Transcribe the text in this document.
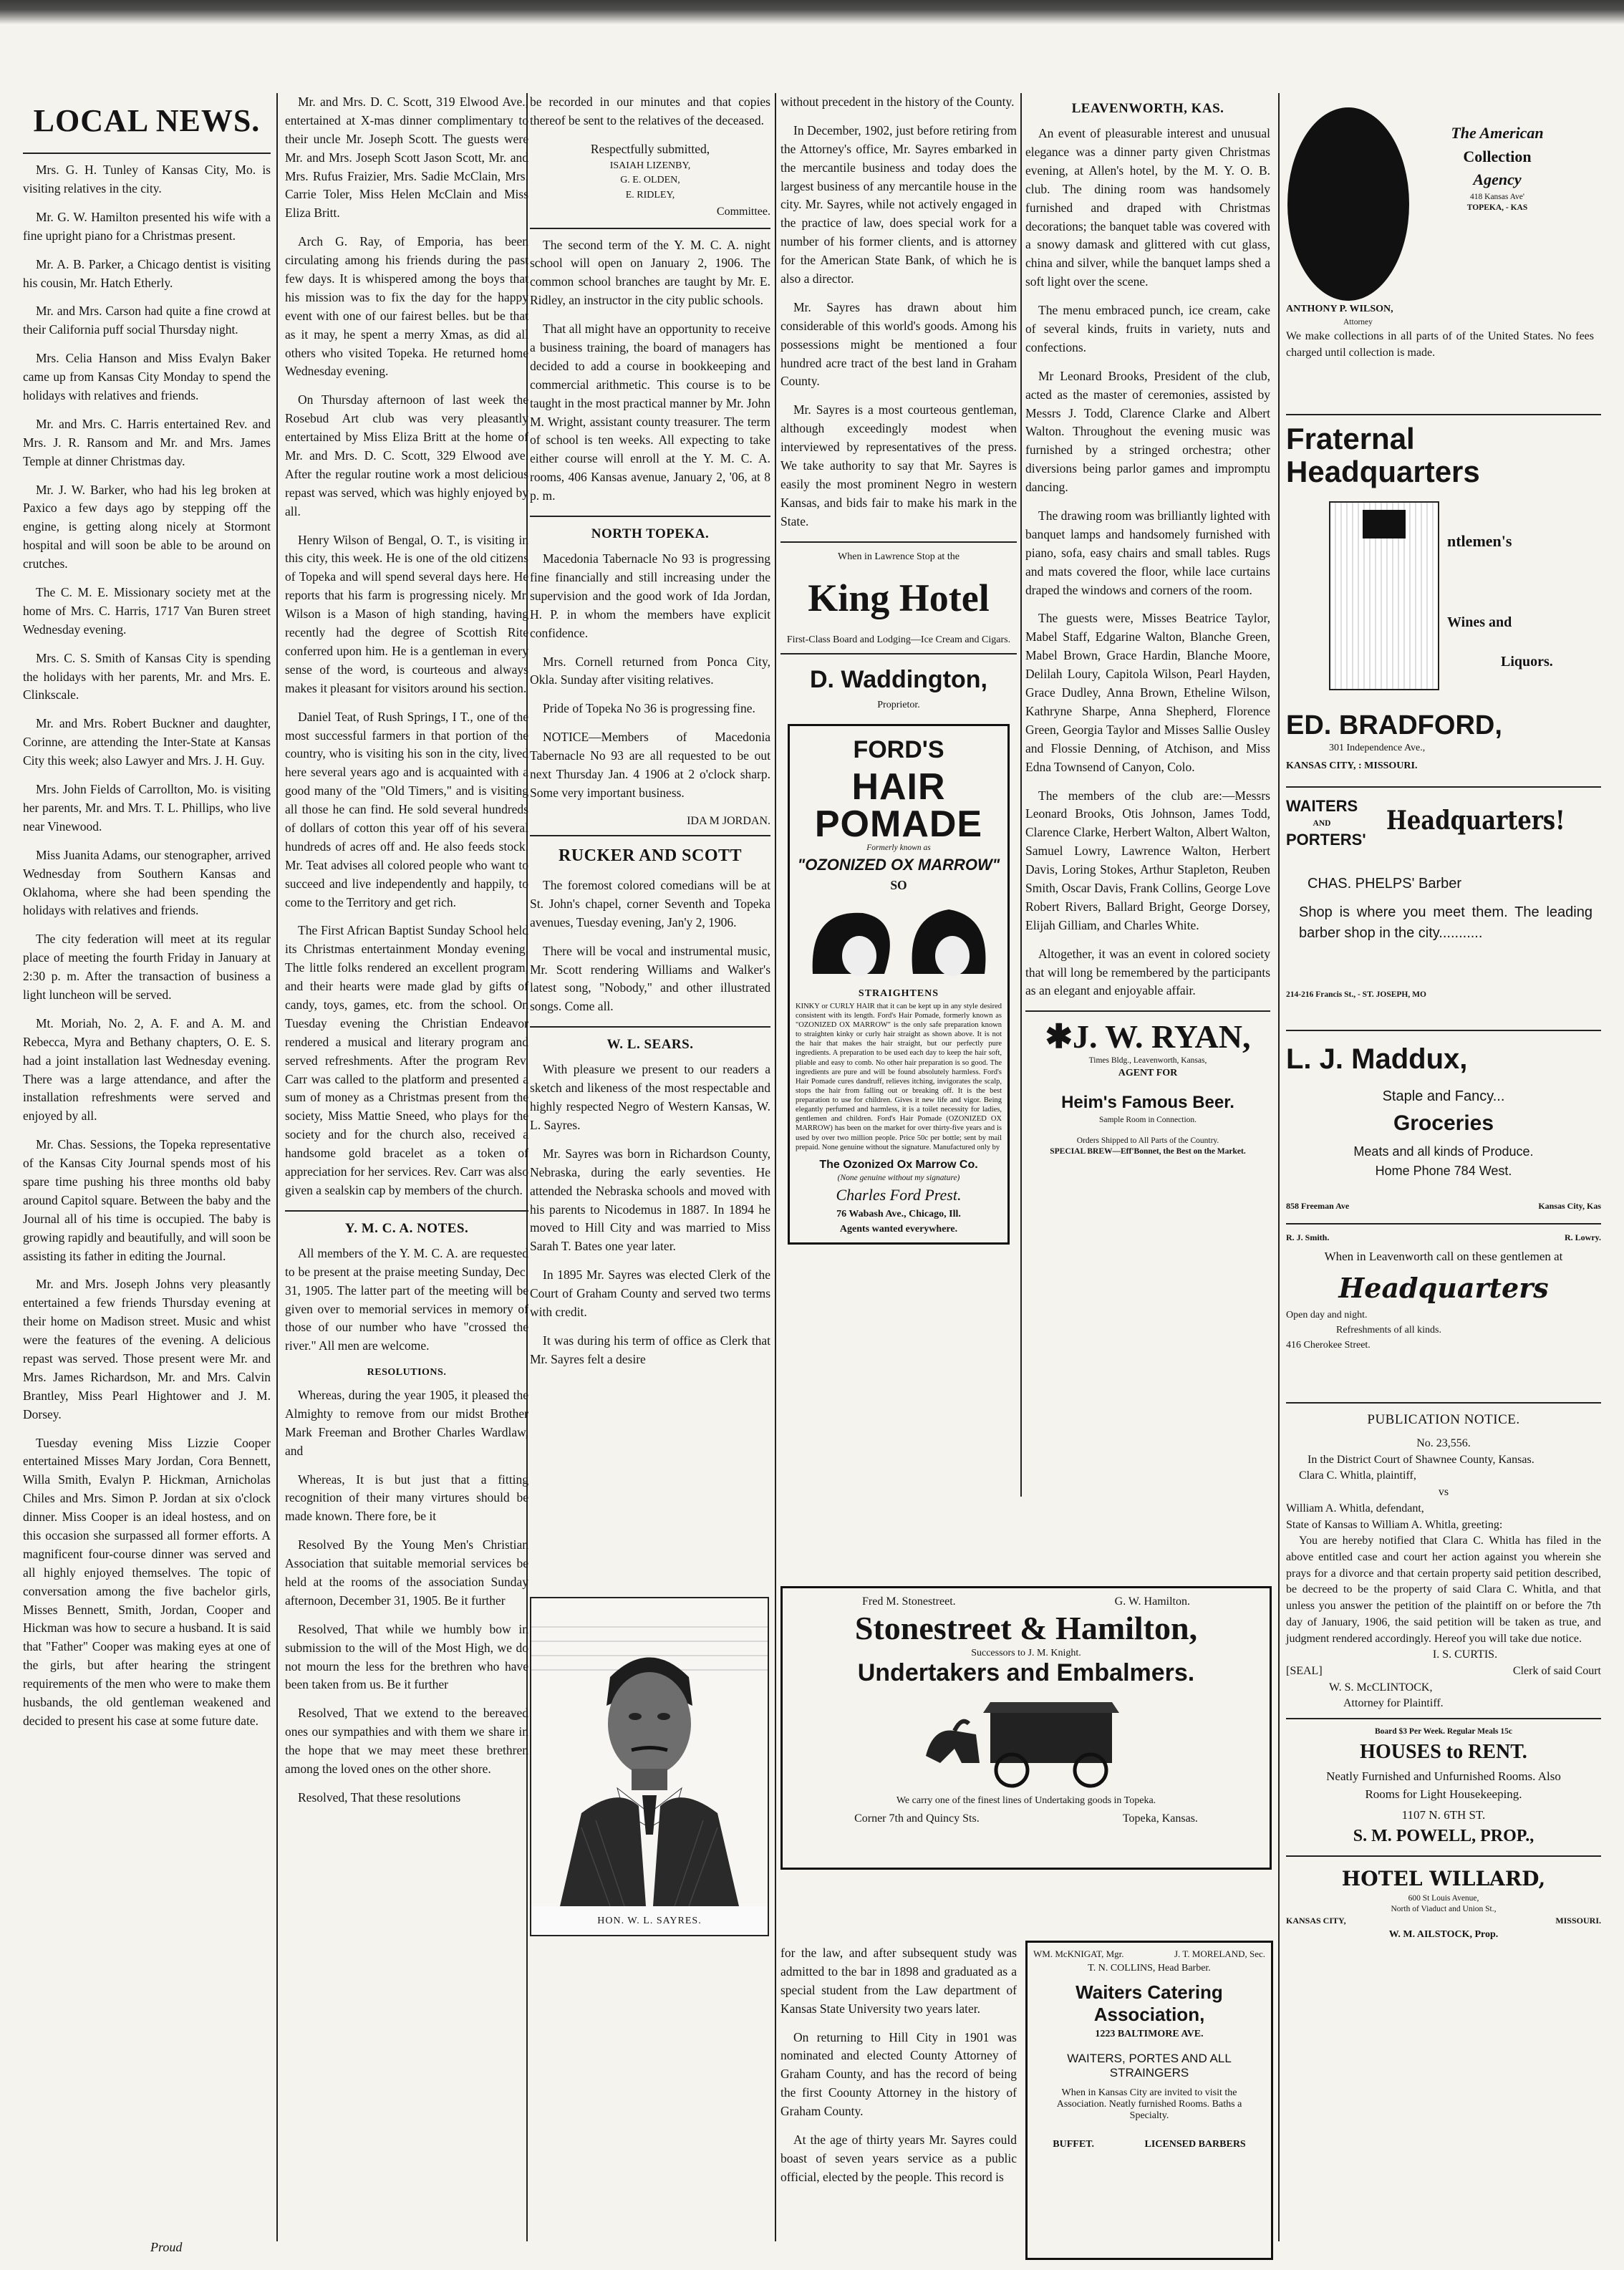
LOCAL NEWS.

Mrs. G. H. Tunley of Kansas City, Mo. is visiting relatives in the city.

Mr. G. W. Hamilton presented his wife with a fine upright piano for a Christmas present.

Mr. A. B. Parker, a Chicago dentist is visiting his cousin, Mr. Hatch Etherly.

Mr. and Mrs. Carson had quite a fine crowd at their California puff social Thursday night.

Mrs. Celia Hanson and Miss Evalyn Baker came up from Kansas City Monday to spend the holidays with relatives and friends.

Mr. and Mrs. C. Harris entertained Rev. and Mrs. J. R. Ransom and Mr. and Mrs. James Temple at dinner Christmas day.

Mr. J. W. Barker, who had his leg broken at Paxico a few days ago by stepping off the engine, is getting along nicely at Stormont hospital and will soon be able to be around on crutches.

The C. M. E. Missionary society met at the home of Mrs. C. Harris, 1717 Van Buren street Wednesday evening.

Mrs. C. S. Smith of Kansas City is spending the holidays with her parents, Mr. and Mrs. E. Clinkscale.

Mr. and Mrs. Robert Buckner and daughter, Corinne, are attending the Inter-State at Kansas City this week; also Lawyer and Mrs. J. H. Guy.

Mrs. John Fields of Carrollton, Mo. is visiting her parents, Mr. and Mrs. T. L. Phillips, who live near Vinewood.

Miss Juanita Adams, our stenographer, arrived Wednesday from Southern Kansas and Oklahoma, where she had been spending the holidays with relatives and friends.

The city federation will meet at its regular place of meeting the fourth Friday in January at 2:30 p. m. After the transaction of business a light luncheon will be served.

Mt. Moriah, No. 2, A. F. and A. M. and Rebecca, Myra and Bethany chapters, O. E. S. had a joint installation last Wednesday evening. There was a large attendance, and after the installation refreshments were served and enjoyed by all.

Mr. Chas. Sessions, the Topeka representative of the Kansas City Journal spends most of his spare time pushing his three months old baby around Capitol square. Between the baby and the Journal all of his time is occupied. The baby is growing rapidly and beautifully, and will soon be assisting its father in editing the Journal.

Mr. and Mrs. Joseph Johns very pleasantly entertained a few friends Thursday evening at their home on Madison street. Music and whist were the features of the evening. A delicious repast was served. Those present were Mr. and Mrs. James Richardson, Mr. and Mrs. Calvin Brantley, Miss Pearl Hightower and J. M. Dorsey.

Tuesday evening Miss Lizzie Cooper entertained Misses Mary Jordan, Cora Bennett, Willa Smith, Evalyn P. Hickman, Arnicholas Chiles and Mrs. Simon P. Jordan at six o'clock dinner. Miss Cooper is an ideal hostess, and on this occasion she surpassed all former efforts. A magnificent four-course dinner was served and all highly enjoyed themselves. The topic of conversation among the five bachelor girls, Misses Bennett, Smith, Jordan, Cooper and Hickman was how to secure a husband. It is said that "Father" Cooper was making eyes at one of the girls, but after hearing the stringent requirements of the men who were to make them husbands, the old gentleman weakened and decided to present his case at some future date.

Mr. and Mrs. D. C. Scott, 319 Elwood Ave., entertained at X-mas dinner complimentary to their uncle Mr. Joseph Scott. The guests were Mr. and Mrs. Joseph Scott Jason Scott, Mr. and Mrs. Rufus Fraizier, Mrs. Sadie McClain, Mrs. Carrie Toler, Miss Helen McClain and Miss Eliza Britt.

Arch G. Ray, of Emporia, has been circulating among his friends during the past few days. It is whispered among the boys that his mission was to fix the day for the happy event with one of our fairest belles. but be that as it may, he spent a merry Xmas, as did all others who visited Topeka. He returned home Wednesday evening.

On Thursday afternoon of last week the Rosebud Art club was very pleasantly entertained by Miss Eliza Britt at the home of Mr. and Mrs. D. C. Scott, 329 Elwood ave. After the regular routine work a most delicious repast was served, which was highly enjoyed by all.

Henry Wilson of Bengal, O. T., is visiting in this city, this week. He is one of the old citizens of Topeka and will spend several days here. He reports that his farm is progressing nicely. Mr. Wilson is a Mason of high standing, having recently had the degree of Scottish Rite conferred upon him. He is a gentleman in every sense of the word, is courteous and always makes it pleasant for visitors around his section.

Daniel Teat, of Rush Springs, I T., one of the most successful farmers in that portion of the country, who is visiting his son in the city, lived here several years ago and is acquainted with a good many of the "Old Timers," and is visiting all those he can find. He sold several hundreds of dollars of cotton this year off of his several hundreds of acres off and. He also feeds stock. Mr. Teat advises all colored people who want to succeed and live independently and happily, to come to the Territory and get rich.

The First African Baptist Sunday School held its Christmas entertainment Monday evening. The little folks rendered an excellent program, and their hearts were made glad by gifts of candy, toys, games, etc. from the school. On Tuesday evening the Christian Endeavor rendered a musical and literary program and served refreshments. After the program Rev. Carr was called to the platform and presented a sum of money as a Christmas present from the society, Miss Mattie Sneed, who plays for the society and for the church also, received a handsome gold bracelet as a token of appreciation for her services. Rev. Carr was also given a sealskin cap by members of the church.

Y. M. C. A. NOTES.

All members of the Y. M. C. A. are requested to be present at the praise meeting Sunday, Dec. 31, 1905. The latter part of the meeting will be given over to memorial services in memory of those of our number who have "crossed the river." All men are welcome.

RESOLUTIONS.

Whereas, during the year 1905, it pleased the Almighty to remove from our midst Brother Mark Freeman and Brother Charles Wardlaw, and

Whereas, It is but just that a fitting recognition of their many virtures should be made known. There fore, be it

Resolved By the Young Men's Christian Association that suitable memorial services be held at the rooms of the association Sunday afternoon, December 31, 1905. Be it further

Resolved, That while we humbly bow in submission to the will of the Most High, we do not mourn the less for the brethren who have been taken from us. Be it further

Resolved, That we extend to the bereaved ones our sympathies and with them we share in the hope that we may meet these brethren among the loved ones on the other shore.

Resolved, That these resolutions

be recorded in our minutes and that copies thereof be sent to the relatives of the deceased.

Respectfully submitted,
ISAIAH LIZENBY,
G. E. OLDEN,
E. RIDLEY,
Committee.

The second term of the Y. M. C. A. night school will open on January 2, 1906. The common school branches are taught by Mr. E. Ridley, an instructor in the city public schools.

That all might have an opportunity to receive a business training, the board of managers has decided to add a course in bookkeeping and commercial arithmetic. This course is to be taught in the most practical manner by Mr. John M. Wright, assistant county treasurer. The term of school is ten weeks. All expecting to take either course will enroll at the Y. M. C. A. rooms, 406 Kansas avenue, January 2, '06, at 8 p. m.

NORTH TOPEKA.

Macedonia Tabernacle No 93 is progressing fine financially and still increasing under the supervision and the good work of Ida Jordan, H. P. in whom the members have explicit confidence.

Mrs. Cornell returned from Ponca City, Okla. Sunday after visiting relatives.

Pride of Topeka No 36 is progressing fine.

NOTICE—Members of Macedonia Tabernacle No 93 are all requested to be out next Thursday Jan. 4 1906 at 2 o'clock sharp. Some very important business.

IDA M JORDAN.
RUCKER AND SCOTT

The foremost colored comedians will be at St. John's chapel, corner Seventh and Topeka avenues, Tuesday evening, Jan'y 2, 1906.

There will be vocal and instrumental music, Mr. Scott rendering Williams and Walker's latest song, "Nobody," and other illustrated songs. Come all.

W. L. SEARS.

With pleasure we present to our readers a sketch and likeness of the most respectable and highly respected Negro of Western Kansas, W. L. Sayres.

Mr. Sayres was born in Richardson County, Nebraska, during the early seventies. He attended the Nebraska schools and moved with his parents to Nicodemus in 1887. In 1894 he moved to Hill City and was married to Miss Sarah T. Bates one year later.

In 1895 Mr. Sayres was elected Clerk of the Court of Graham County and served two terms with credit.

It was during his term of office as Clerk that Mr. Sayres felt a desire

HON. W. L. SAYRES.

without precedent in the history of the County.

In December, 1902, just before retiring from the Attorney's office, Mr. Sayres embarked in the mercantile business and today does the largest business of any mercantile house in the city. Mr. Sayres, while not actively engaged in the practice of law, does special work for a number of his former clients, and is attorney for the American State Bank, of which he is also a director.

Mr. Sayres has drawn about him considerable of this world's goods. Among his possessions might be mentioned a four hundred acre tract of the best land in Graham County.

Mr. Sayres is a most courteous gentleman, although exceedingly modest when interviewed by representatives of the press. We take authority to say that Mr. Sayres is easily the most prominent Negro in western Kansas, and bids fair to make his mark in the State.

When in Lawrence Stop at the
King Hotel
First-Class Board and Lodging—Ice Cream and Cigars.
D. Waddington,
Proprietor.
FORD'S
HAIR POMADE
Formerly known as
"OZONIZED OX MARROW"
SO
STRAIGHTENS
KINKY or CURLY HAIR that it can be kept up in any style desired consistent with its length. Ford's Hair Pomade, formerly known as "OZONIZED OX MARROW" is the only safe preparation known to straighten kinky or curly hair straight as shown above. It is not the hair that makes the hair straight, but our perfectly pure ingredients. A preparation to be used each day to keep the hair soft, pliable and easy to comb. No other hair preparation is so good. The ingredients are pure and will be found absolutely harmless. Ford's Hair Pomade cures dandruff, relieves itching, invigorates the scalp, stops the hair from falling out or breaking off. It is the best preparation to use for children. Gives it new life and vigor. Being elegantly perfumed and harmless, it is a toilet necessity for ladies, gentlemen and children. Ford's Hair Pomade (OZONIZED OX MARROW) has been on the market for over thirty-five years and is used by over two million people. Price 50c per bottle; sent by mail prepaid. None genuine without the signature. Manufactured only by
The Ozonized Ox Marrow Co.
(None genuine without my signature)
Charles Ford Prest.
76 Wabash Ave., Chicago, Ill.
Agents wanted everywhere.
LEAVENWORTH, KAS.

An event of pleasurable interest and unusual elegance was a dinner party given Christmas evening, at Allen's hotel, by the M. Y. O. B. club. The dining room was handsomely furnished and draped with Christmas decorations; the banquet table was covered with a snowy damask and glittered with cut glass, china and silver, while the banquet lamps shed a soft light over the scene.

The menu embraced punch, ice cream, cake of several kinds, fruits in variety, nuts and confections.

Mr Leonard Brooks, President of the club, acted as the master of ceremonies, assisted by Messrs J. Todd, Clarence Clarke and Albert Walton. Throughout the evening music was furnished by a stringed orchestra; other diversions being parlor games and impromptu dancing.

The drawing room was brilliantly lighted with banquet lamps and handsomely furnished with piano, sofa, easy chairs and small tables. Rugs and mats covered the floor, while lace curtains draped the windows and corners of the room.

The guests were, Misses Beatrice Taylor, Mabel Staff, Edgarine Walton, Blanche Green, Mabel Brown, Grace Hardin, Blanche Moore, Delilah Loury, Capitola Wilson, Pearl Hayden, Grace Dudley, Anna Brown, Etheline Wilson, Kathryne Sharpe, Anna Shepherd, Florence Green, Georgia Taylor and Misses Sallie Ousley and Flossie Denning, of Atchison, and Miss Edna Townsend of Canyon, Colo.

The members of the club are:—Messrs Leonard Brooks, Otis Johnson, James Todd, Clarence Clarke, Herbert Walton, Albert Walton, Samuel Lowry, Lawrence Walton, Herbert Davis, Loring Stokes, Arthur Stapleton, Reuben Smith, Oscar Davis, Frank Collins, George Love Robert Rivers, Ballard Bright, George Dorsey, Elijah Gilliam, and Charles White.

Altogether, it was an event in colored society that will long be remembered by the participants as an elegant and enjoyable affair.

✱J. W. RYAN,
Times Bldg., Leavenworth, Kansas,
AGENT FOR
Heim's Famous Beer.
Sample Room in Connection.
Orders Shipped to All Parts of the Country.
SPECIAL BREW—Eff'Bonnet, the Best on the Market.
Fred M. Stonestreet.	G. W. Hamilton.
Stonestreet & Hamilton,
Successors to J. M. Knight.
Undertakers and Embalmers.
We carry one of the finest lines of Undertaking goods in Topeka.
Corner 7th and Quincy Sts.	Topeka, Kansas.

for the law, and after subsequent study was admitted to the bar in 1898 and graduated as a special student from the Law department of Kansas State University two years later.

On returning to Hill City in 1901 was nominated and elected County Attorney of Graham County, and has the record of being the first Coounty Attorney in the history of Graham County.

At the age of thirty years Mr. Sayres could boast of seven years service as a public official, elected by the people. This record is

WM. McKNIGAT, Mgr.	J. T. MORELAND, Sec.
T. N. COLLINS, Head Barber.
Waiters Catering Association,
1223 BALTIMORE AVE.
WAITERS, PORTES AND ALL STRAINGERS
When in Kansas City are invited to visit the Association. Neatly furnished Rooms. Baths a Specialty.
BUFFET.	LICENSED BARBERS
The American
Collection
Agency
418 Kansas Ave'
TOPEKA, - KAS
ANTHONY P. WILSON,
Attorney
We make collections in all parts of of the United States. No fees charged until collection is made.
Fraternal
Headquarters
ntlemen's
Wines and
Liquors.
ED. BRADFORD,
301 Independence Ave.,
KANSAS CITY, : MISSOURI.
WAITERS
AND
PORTERS'
Headquarters!
CHAS. PHELPS' Barber
Shop is where you meet them. The leading barber shop in the city...........
214-216 Francis St., - ST. JOSEPH, MO
L. J. Maddux,
Staple and Fancy...
Groceries
Meats and all kinds of Produce. Home Phone 784 West.
858 Freeman Ave	Kansas City, Kas
R. J. Smith.	R. Lowry.
When in Leavenworth call on these gentlemen at
Headquarters
Open day and night.
Refreshments of all kinds.
416 Cherokee Street.
PUBLICATION NOTICE.
No. 23,556.
In the District Court of Shawnee County, Kansas.
Clara C. Whitla, plaintiff,
vs
William A. Whitla, defendant,
State of Kansas to William A. Whitla, greeting:
You are hereby notified that Clara C. Whitla has filed in the above entitled case and court her action against you wherein she prays for a divorce and that certain property said petition described, be decreed to be the property of said Clara C. Whitla, and that unless you answer the petition of the plaintiff on or before the 7th day of January, 1906, the said petition will be taken as true, and judgment rendered accordingly. Hereof you will take due notice.
I. S. CURTIS.
[SEAL]	Clerk of said Court
W. S. McCLINTOCK,
Attorney for Plaintiff.
Board $3 Per Week. Regular Meals 15c
HOUSES to RENT.
Neatly Furnished and Unfurnished Rooms. Also Rooms for Light Housekeeping.
1107 N. 6TH ST.
S. M. POWELL, PROP.,
HOTEL WILLARD,
600 St Louis Avenue,
North of Viaduct and Union St.,
KANSAS CITY,	MISSOURI.
W. M. AILSTOCK, Prop.
Proud
